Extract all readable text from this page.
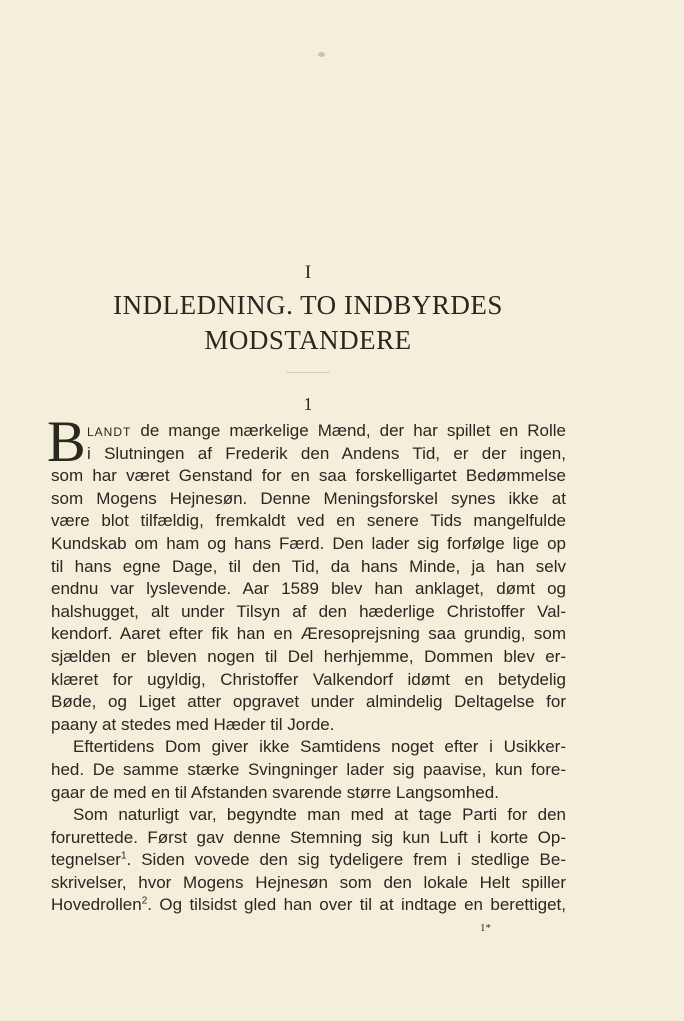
I
INDLEDNING. TO INDBYRDES
MODSTANDERE
1
B landt de mange mærkelige Mænd, der har spillet en Rolle
i Slutningen af Frederik den Andens Tid, er der ingen,
som har været Genstand for en saa forskelligartet Bedømmelse
som Mogens Hejnesøn. Denne Meningsforskel synes ikke at
være blot tilfældig, fremkaldt ved en senere Tids mangelfulde
Kundskab om ham og hans Færd. Den lader sig forfølge lige op
til hans egne Dage, til den Tid, da hans Minde, ja han selv
endnu var lyslevende. Aar 1589 blev han anklaget, dømt og
halshugget, alt under Tilsyn af den hæderlige Christoffer Val-
kendorf. Aaret efter fik han en Æresoprejsning saa grundig, som
sjælden er bleven nogen til Del herhjemme, Dommen blev er-
klæret for ugyldig, Christoffer Valkendorf idømt en betydelig
Bøde, og Liget atter opgravet under almindelig Deltagelse for
paany at stedes med Hæder til Jorde.
Eftertidens Dom giver ikke Samtidens noget efter i Usikker-
hed. De samme stærke Svingninger lader sig paavise, kun fore-
gaar de med en til Afstanden svarende større Langsomhed.
Som naturligt var, begyndte man med at tage Parti for den
forurettede. Først gav denne Stemning sig kun Luft i korte Op-
tegnelser$^1$. Siden vovede den sig tydeligere frem i stedlige Be-
skrivelser, hvor Mogens Hejnesøn som den lokale Helt spiller
Hovedrollen$^2$. Og tilsidst gled han over til at indtage en berettiget,
1*
